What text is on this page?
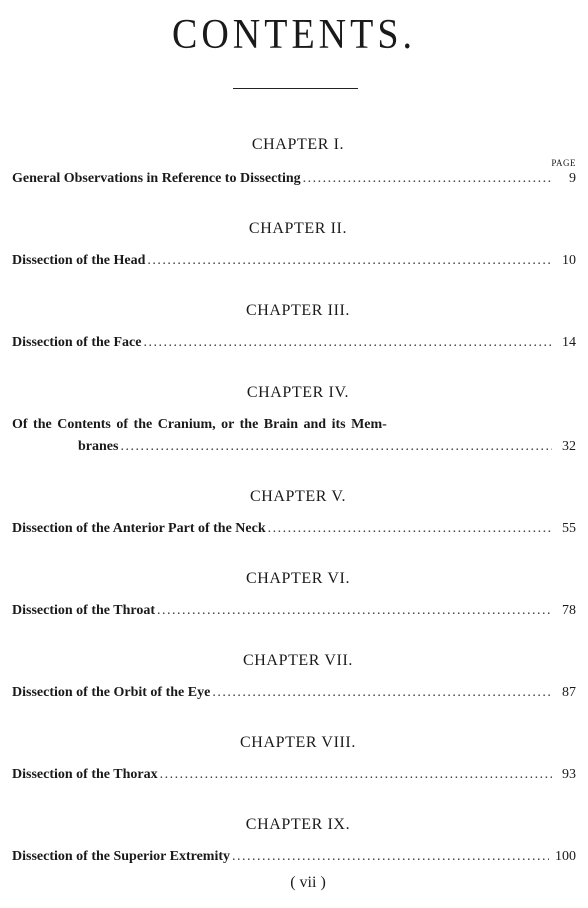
CONTENTS.
CHAPTER I.
PAGE
General Observations in Reference to Dissecting .....	9
CHAPTER II.
Dissection of the Head .....	10
CHAPTER III.
Dissection of the Face .....	14
CHAPTER IV.
Of the Contents of the Cranium, or the Brain and its Mem-
branes .....	32
CHAPTER V.
Dissection of the Anterior Part of the Neck .....	55
CHAPTER VI.
Dissection of the Throat .....	78
CHAPTER VII.
Dissection of the Orbit of the Eye .....	87
CHAPTER VIII.
Dissection of the Thorax .....	93
CHAPTER IX.
Dissection of the Superior Extremity .....	100
( vii )
